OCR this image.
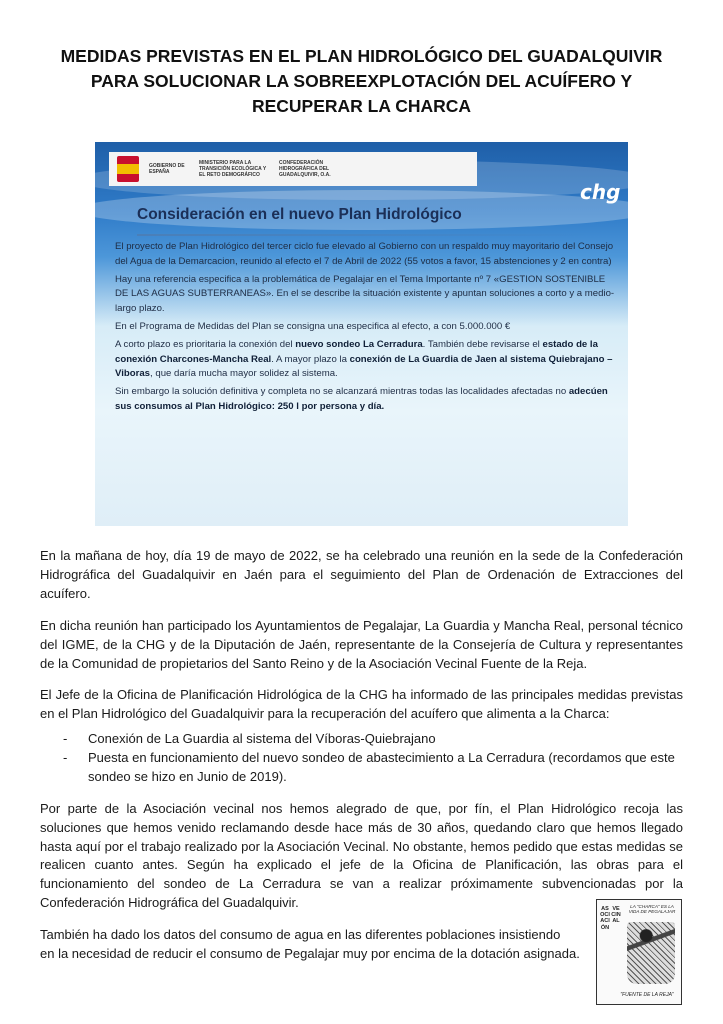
MEDIDAS PREVISTAS EN EL PLAN HIDROLÓGICO DEL GUADALQUIVIR
PARA SOLUCIONAR LA SOBREEXPLOTACIÓN DEL ACUÍFERO Y
RECUPERAR LA CHARCA
GOBIERNO DE ESPAÑA
MINISTERIO PARA LA TRANSICIÓN ECOLÓGICA Y EL RETO DEMOGRÁFICO
CONFEDERACIÓN HIDROGRÁFICA DEL GUADALQUIVIR, O.A.
chg
Consideración en el nuevo Plan Hidrológico

El proyecto de Plan Hidrológico del tercer ciclo fue elevado al Gobierno con un respaldo muy mayoritario del Consejo del Agua de la Demarcacion, reunido al efecto el 7 de Abril de 2022 (55 votos a favor, 15 abstenciones y 2 en contra)

Hay una referencia especifica a la problemática de Pegalajar en el Tema Importante nº 7 «GESTION SOSTENIBLE DE LAS AGUAS SUBTERRANEAS». En el se describe la situación existente y apuntan soluciones a corto y a medio-largo plazo.

En el Programa de Medidas del Plan se consigna una especifica al efecto, a con 5.000.000 €

A corto plazo es prioritaria la conexión del nuevo sondeo La Cerradura. También debe revisarse el estado de la conexión Charcones-Mancha Real. A mayor plazo la conexión de La Guardia de Jaen al sistema Quiebrajano –Viboras, que daría mucha mayor solidez al sistema.

Sin embargo la solución definitiva y completa no se alcanzará mientras todas las localidades afectadas no adecúen sus consumos al Plan Hidrológico: 250 l por persona y día.

En la mañana de hoy, día 19 de mayo de 2022, se ha celebrado una reunión en la sede de la Confederación Hidrográfica del Guadalquivir en Jaén para el seguimiento del Plan de Ordenación de Extracciones del acuífero.
En dicha reunión han participado los Ayuntamientos de Pegalajar, La Guardia y Mancha Real, personal técnico del IGME, de la CHG y de la Diputación de Jaén, representante de la Consejería de Cultura y representantes de la Comunidad de propietarios del Santo Reino y de la Asociación Vecinal Fuente de la Reja.
El Jefe de la Oficina de Planificación Hidrológica de la CHG ha informado de las principales medidas previstas en el Plan Hidrológico del Guadalquivir para la recuperación del acuífero que alimenta a la Charca:
- Conexión de La Guardia al sistema del Víboras-Quiebrajano
- Puesta en funcionamiento del nuevo sondeo de abastecimiento a La Cerradura (recordamos que este sondeo se hizo en Junio de 2019).
Por parte de la Asociación vecinal nos hemos alegrado de que, por fín, el Plan Hidrológico recoja las soluciones que hemos venido reclamando desde hace más de 30 años, quedando claro que hemos llegado hasta aquí por el trabajo realizado por la Asociación Vecinal. No obstante, hemos pedido que estas medidas se realicen cuanto antes. Según ha explicado el jefe de la Oficina de Planificación, las obras para el funcionamiento del sondeo de La Cerradura se van a realizar próximamente subvencionadas por la Confederación Hidrográfica del Guadalquivir.
También ha dado los datos del consumo de agua en las diferentes poblaciones insistiendo
en la necesidad de reducir el consumo de Pegalajar muy por encima de la dotación asignada.
ASOCIACIÓN
VECINAL
LA "CHARCA" ES LA VIDA DE PEGALAJAR
"FUENTE DE LA REJA"
